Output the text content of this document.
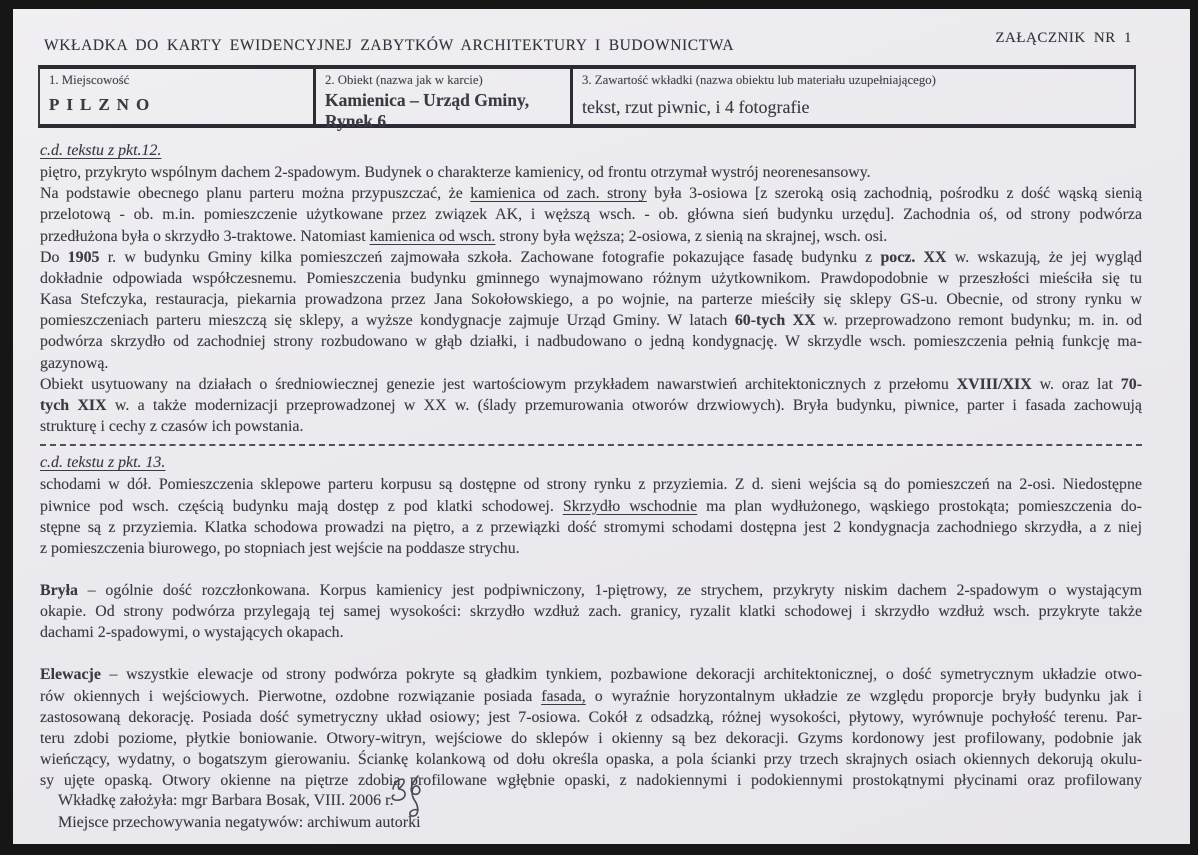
WKŁADKA DO KARTY EWIDENCYJNEJ ZABYTKÓW ARCHITEKTURY I BUDOWNICTWA	ZAŁĄCZNIK NR 1
1. Miejscowość
PILZNO
2. Obiekt (nazwa jak w karcie)
Kamienica – Urząd Gminy, Rynek 6
3. Zawartość wkładki (nazwa obiektu lub materiału uzupełniającego)
tekst, rzut piwnic, i 4 fotografie
c.d. tekstu z pkt.12.
piętro, przykryto wspólnym dachem 2-spadowym. Budynek o charakterze kamienicy, od frontu otrzymał wystrój neorenesansowy.
Na podstawie obecnego planu parteru można przypuszczać, że kamienica od zach. strony była 3-osiowa [z szeroką osią zachodnią, pośrodku z dość wąską sienią
przelotową - ob. m.in. pomieszczenie użytkowane przez związek AK, i węższą wsch. - ob. główna sień budynku urzędu]. Zachodnia oś, od strony podwórza
przedłużona była o skrzydło 3-traktowe. Natomiast kamienica od wsch. strony była węższa; 2-osiowa, z sienią na skrajnej, wsch. osi.
Do 1905 r. w budynku Gminy kilka pomieszczeń zajmowała szkoła. Zachowane fotografie pokazujące fasadę budynku z pocz. XX w. wskazują, że jej wygląd
dokładnie odpowiada współczesnemu. Pomieszczenia budynku gminnego wynajmowano różnym użytkownikom. Prawdopodobnie w przeszłości mieściła się tu
Kasa Stefczyka, restauracja, piekarnia prowadzona przez Jana Sokołowskiego, a po wojnie, na parterze mieściły się sklepy GS-u. Obecnie, od strony rynku w
pomieszczeniach parteru mieszczą się sklepy, a wyższe kondygnacje zajmuje Urząd Gminy. W latach 60-tych XX w. przeprowadzono remont budynku; m. in. od
podwórza skrzydło od zachodniej strony rozbudowano w głąb działki, i nadbudowano o jedną kondygnację. W skrzydle wsch. pomieszczenia pełnią funkcję ma-
gazynową.
Obiekt usytuowany na działach o średniowiecznej genezie jest wartościowym przykładem nawarstwień architektonicznych z przełomu XVIII/XIX w. oraz lat 70-
tych XIX w. a także modernizacji przeprowadzonej w XX w. (ślady przemurowania otworów drzwiowych). Bryła budynku, piwnice, parter i fasada zachowują
strukturę i cechy z czasów ich powstania.
c.d. tekstu z pkt. 13.
schodami w dół. Pomieszczenia sklepowe parteru korpusu są dostępne od strony rynku z przyziemia. Z d. sieni wejścia są do pomieszczeń na 2-osi. Niedostępne
piwnice pod wsch. częścią budynku mają dostęp z pod klatki schodowej. Skrzydło wschodnie ma plan wydłużonego, wąskiego prostokąta; pomieszczenia do-
stępne są z przyziemia. Klatka schodowa prowadzi na piętro, a z przewiązki dość stromymi schodami dostępna jest 2 kondygnacja zachodniego skrzydła, a z niej
z pomieszczenia biurowego, po stopniach jest wejście na poddasze strychu.
Bryła – ogólnie dość rozczłonkowana. Korpus kamienicy jest podpiwniczony, 1-piętrowy, ze strychem, przykryty niskim dachem 2-spadowym o wystającym
okapie. Od strony podwórza przylegają tej samej wysokości: skrzydło wzdłuż zach. granicy, ryzalit klatki schodowej i skrzydło wzdłuż wsch. przykryte także
dachami 2-spadowymi, o wystających okapach.
Elewacje – wszystkie elewacje od strony podwórza pokryte są gładkim tynkiem, pozbawione dekoracji architektonicznej, o dość symetrycznym układzie otwo-
rów okiennych i wejściowych. Pierwotne, ozdobne rozwiązanie posiada fasada, o wyraźnie horyzontalnym układzie ze względu proporcje bryły budynku jak i
zastosowaną dekorację. Posiada dość symetryczny układ osiowy; jest 7-osiowa. Cokół z odsadzką, różnej wysokości, płytowy, wyrównuje pochyłość terenu. Par-
teru zdobi poziome, płytkie boniowanie. Otwory-witryn, wejściowe do sklepów i okienny są bez dekoracji. Gzyms kordonowy jest profilowany, podobnie jak
wieńczący, wydatny, o bogatszym gierowaniu. Ściankę kolankową od dołu określa opaska, a pola ścianki przy trzech skrajnych osiach okiennych dekorują okulu-
sy ujęte opaską. Otwory okienne na piętrze zdobią profilowane wgłębnie opaski, z nadokiennymi i podokiennymi prostokątnymi płycinami oraz profilowany
Wkładkę założyła: mgr Barbara Bosak, VIII. 2006 r.
Miejsce przechowywania negatywów: archiwum autorki
